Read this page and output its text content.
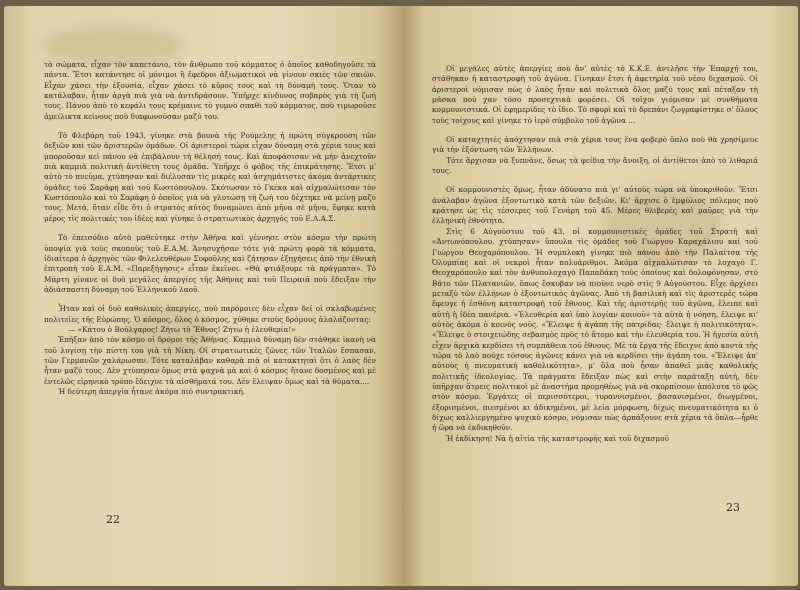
τὰ σώματα, εἶχαν τὸν καπετάνιο, τὸν ἄνθρωπο τοῦ κόμματος ὁ ὁποῖος καθοδηγοῦσε τὰ πάντα. Ἔτσι κατάντησε οἱ μόνιμοι ἢ ἔφεδροι ἀξιωματικοὶ νὰ γίνουν σκιὲς τῶν σκιῶν. Εἶχαν χάσει τὴν ἐξουσία, εἶχαν χάσει τὸ κῦρος τους καὶ τὴ δύναμή τους. Ὅταν τὸ κατάλαβαν, ἦταν ἀργὰ πιὰ γιὰ νὰ ἀντιδράσουν. Ὑπῆρχε κίνδυνος σοβαρὸς γιὰ τὴ ζωή τους. Πάνου ἀπὸ τὸ κεφάλι τους κρέμαινε τὸ γυμνὸ σπαθὶ τοῦ κόμματος, ποὺ τιμωροῦσε ἀμείλικτα κείνους ποὺ διαφωνοῦσαν μαζύ του.

Τὸ Φλεβάρη τοῦ 1943, γίνηκε στὰ βουνὰ τῆς Ρούμελης ἡ πρώτη σύγκρουση τῶν δεξιῶν καὶ τῶν ἀριστερῶν ὁμάδων. Οἱ ἀριστεροὶ τώρα εἶχαν δύναμη στὰ χέρια τους καὶ μποροῦσαν κεὶ πάνου νὰ ἐπιβάλουν τὴ θέλησή τους. Καὶ ἀποφάσισαν νὰ μὴν ἀνεχτοῦν πιὰ καμμιὰ πολιτικὴ ἀντίθετη τους ὁμάδα. Ὑπῆρχε ὁ φόβος τῆς ἐπικράτησης. Ἔτσι μ' αὐτὸ τὸ πνεῦμα, χτύπησαν καὶ διέλυσαν τὶς μικρὲς καὶ ἀσχημάτιστες ἀκόμα ἀντάρτικες ὁμάδες τοῦ Σαράφη καὶ τοῦ Κωστόπουλου. Σκότωσαν τὸ Γκέκα καὶ αἰχμαλώτισαν τὸν Κωστόπουλο καὶ τὸ Σαράφη ὁ ὁποῖος γιὰ νὰ γλυτώσῃ τὴ ζωή του δέχτηκε νὰ μείνῃ μαζύ τους. Μετά, ὅταν εἶδε ὅτι ὁ στρατὸς αὐτὸς δυναμώνει ἀπὸ μῆνα σὲ μῆνα, ἔφηκε κατὰ μέρος τὶς πολιτικές του ἰδέες καὶ γίνηκε ὁ στρατιωτικὸς ἀρχηγὸς τοῦ Ε.Λ.Α.Σ.

Τὸ ἐπεισόδιο αὐτὸ μαθεύτηκε στὴν Ἀθήνα καὶ γέννησε στὸν κόσμο τὴν πρώτη ὑποψία γιὰ τοὺς σκοποὺς τοῦ Ε.Α.Μ. Ἀνησυχήσαν τότε γιὰ πρώτη φορὰ τὰ κόμματα, ἰδιαίτερα ὁ ἀρχηγὸς τῶν Φιλελευθέρων Σοφοῦλης καὶ ζήτησαν ἐξηγήσεις ἀπὸ τὴν ἐθνικὴ ἐπιτροπὴ τοῦ Ε.Α.Μ. «Παρεξήγησις» εἶταν ἐκεῖνοι. «Θὰ φτιάξουμε τὰ πράγματα». Τὸ Μάρτη γίνανε οἱ δυὸ μεγάλες ἀπεργίες τῆς Ἀθήνας καὶ τοῦ Πειραιᾶ ποὺ ἔδειξαν τὴν ἀδιάσπαστη δύναμη τοῦ Ἑλληνικοῦ λαοῦ.

Ἦταν καὶ οἱ δυὸ καθολικὲς ἀπεργίες, ποὺ παρόμοιες δὲν εἶχαν δεῖ οἱ σκλαβωμένες πολιτεῖες τῆς Εὐρώπης. Ὁ κόσμος, ὅλος ὁ κόσμος, χύθηκε στοὺς δρόμους ἀλαλάζοντας:

— «Κάτου ὁ Βούλγαρος! Ζήτω τὸ Ἔθνος! Ζήτω ἡ ἐλευθερία!»

Ἐπήξαν ἀπὸ τὸν κόσμο οἱ δρόμοι τῆς Ἀθήνας. Καμμιὰ δύναμη δὲν στάθηκε ἱκανὴ νὰ τοῦ λυγίσῃ τὴν πίστη του γιὰ τὴ Νίκη. Οἱ στρατιωτικὲς ζῶνες τῶν Ἰταλῶν ἔσπασαν, τῶν Γερμανῶν χαλάρωσαν. Τότε καταλάβαν καθαρὰ πιὰ οἱ κατακτηταὶ ὅτι ὁ λαὸς δὲν ἦταν μαζύ τους. Δὲν χτύπησαν ὅμως στὰ ψαχνὰ μὰ καὶ ὁ κόσμος ἤτανε δοσμένος καὶ μὲ ἐντελῶς εἰρηνικὸ τρόπο ἔδειχνε τὰ αἰσθήματά του. Δὲν ἔλειψαν ὅμως καὶ τὰ θύματα....

Ἡ δεύτερη ἀπεργία ἦτανε ἀκόμα πιὸ συντρακτική.

22

Οἱ μεγάλες αὐτὲς ἀπεργίες ποὺ ἂν' αὐτὲς τὸ Κ.Κ.Ε. ἀντλῆσε τὴν Ἐπαρχή του, στάθηκαν ἡ καταστροφὴ τοῦ ἀγῶνα. Γίνηκαν ἔτσι ἡ ἀφετηρία τοῦ νέου διχασμοῦ. Οἱ ἀριστεροὶ νόμισαν πὼς ὁ λαὸς ἦταν καὶ πολιτικὰ ὅλος μαζύ τους καὶ πέταξαν τὴ μάσκα ποὺ χαν τόσο προσεχτικὰ φορέσει. Οἱ τοῖχοι γιόμισαν μὲ συνθήματα κομμουνιστικά. Οἱ ἐφημερίδες τὸ ἴδιο. Τὸ σφυρὶ καὶ τὸ δρεπάνι ζωγραφίστηκε σ' ὅλους τοὺς τοίχους καὶ γίνηκε τὸ ἱερὸ σύμβολο τοῦ ἀγῶνα ...

Οἱ καταχτητὲς ἀπόχτησαν πιὰ στὰ χέρια τους ἕνα φοβερὸ ὅπλο ποὺ θὰ χρησίμευε γιὰ τὴν ἐξόντωση τῶν Ἑλλήνων.

Τότε ἄρχισαν νὰ ξυπνᾶνε, ὅσως τὰ φείδια τὴν ἄνοιξη, οἱ ἀντίθετοι ἀπὸ τὸ λιθαριά τους.

Οἱ κομμουνιστὲς ὅμως, ἦταν ἀδύνατο πιὰ γι' αὐτοὺς τώρα νὰ ὑποκριθοῦν: Ἔτσι ἀνάλαβαν ἀγῶνα ἐξοντωτικὸ κατὰ τῶν δεξιῶν. Κι' ἄρχισε ὁ ἐμφύλιος πόλεμος ποὺ κράτησε ὡς τὶς τέσσερες τοῦ Γενάρη τοῦ 45. Μέρες θλιβερὲς καὶ μαῦρες γιὰ τὴν ἑλληνικὴ ἑθνότητα.

Στὶς 6 Αὐγούστου τοῦ 43, οἱ κομμουνιστικὲς ὁμάδες τοῦ Στρατῆ καὶ «Ἀντωνόπουλου, χτύπησαν» ὕπουλα τὶς ὁμάδες τοῦ Γιώργου Καραχάλιου καὶ τοῦ Γιώργου Θεοχαρόπουλου. Ἡ συμπλοκὴ γίνηκε πιὸ πάνου ἀπὸ τὴν Παλαίτσα τῆς Ὀλυμπίας καὶ οἱ νεκροὶ ἦταν πολυάριθμοι. Ἀκόμα αἰχμαλώτισαν τὸ λοχαγὸ Γ. Θεοχαρόπουλο καὶ τὸν ἀνθυπολοχαγὸ Παπαδάκη τοὺς ὁποίους καὶ δολοφόνησαν, στὸ Βάτο τῶν Πλατανιῶν, ὅπως ἔσκυβαν νὰ πιοῦνε νερὸ στὶς 9 Αὐγούστου. Εἶχε ἀρχίσει μεταξὺ τῶν ἑλλήνων ὁ ἐξοντωτικὸς ἀγῶνας. Ἀπὸ τὴ βασιλικὴ καὶ τὶς ἀριστερὲς τώρα ἔφευγε ἡ ἐσθόνη καταστροφὴ τοῦ ἔθνους. Καὶ τῆς ἀριστερῆς τοῦ ἀγῶνα, ἔλειπε καὶ αὐτὴ ἡ ἰδέα πανέρια. «Ἐλευθερία καὶ ὑπὸ λογίαν κοινοῦ» τὰ αὐτὰ ἡ νόηση, ἔλειψε κι' αὐτὸς ἀκόμα ὁ κοινὸς νοῦς. «Ἔλειψε ἡ ἀγάπη τῆς πατρίδας· ἔλειψε ἡ πολιτικότητα». «Ἔλειψε ὁ στοιχειώδης σεβασμὸς πρὸς τὸ ἄτομο καὶ τὴν ἐλευθερία του. Ἡ ἡγεσία αὐτὴ εἶχεν ἀρχικὰ κερδίσει τὴ συμπάθεια τοῦ ἔθνους. Μὲ τὰ ἔργα τῆς ἔδειχνε ἀπὸ κοντὰ τῆς τώρα τὸ λαὸ πούχε τόσους ἀγῶνες κάνει γιὰ νὰ κερδίσει τὴν ἀγάπη του. «Ἔλειψε ἀπ' αὐτοὺς ἡ πνευματικὴ καθολικότητα», μ' ὅλα ποὺ ἦσαν ἀπαθεῖ μιὰς καθολικῆς πολιτικῆς ἰδεολογίας. Τὰ πράγματα ἔδειξαν πὼς καὶ στὴν παράταξη αὐτή, δὲν ὑπῆρχαν ἄτρεις πολιτικοὶ μὲ ἀναστήμα προμηθέως γιὰ νὰ σκορπίσουν ἀπόλυτα τὸ φῶς στὸν κόσμο. Ἐργάτες οἱ περισσότεροι, τυραννισμένοι, βασανισμένοι, διωγμένοι, ἐξορισμένοι, πιεσμένοι κι ἀδικημένοι, μὲ λεία μόρφωση, δίχως πνευματικότητα κι ὁ δίχως καλλιεργημένο ψυχικὸ κόσμο, νόμισαν πὼς ἀρπάξουνε στὰ χέρια τὰ ὅπλα—ἦρθε ἡ ὥρα νὰ ἐκδικηθοῦν.

Ἡ ἐκδίκηση! Νὰ ἡ αἰτία τῆς καταστροφῆς καὶ τοῦ διχασμοῦ

23
